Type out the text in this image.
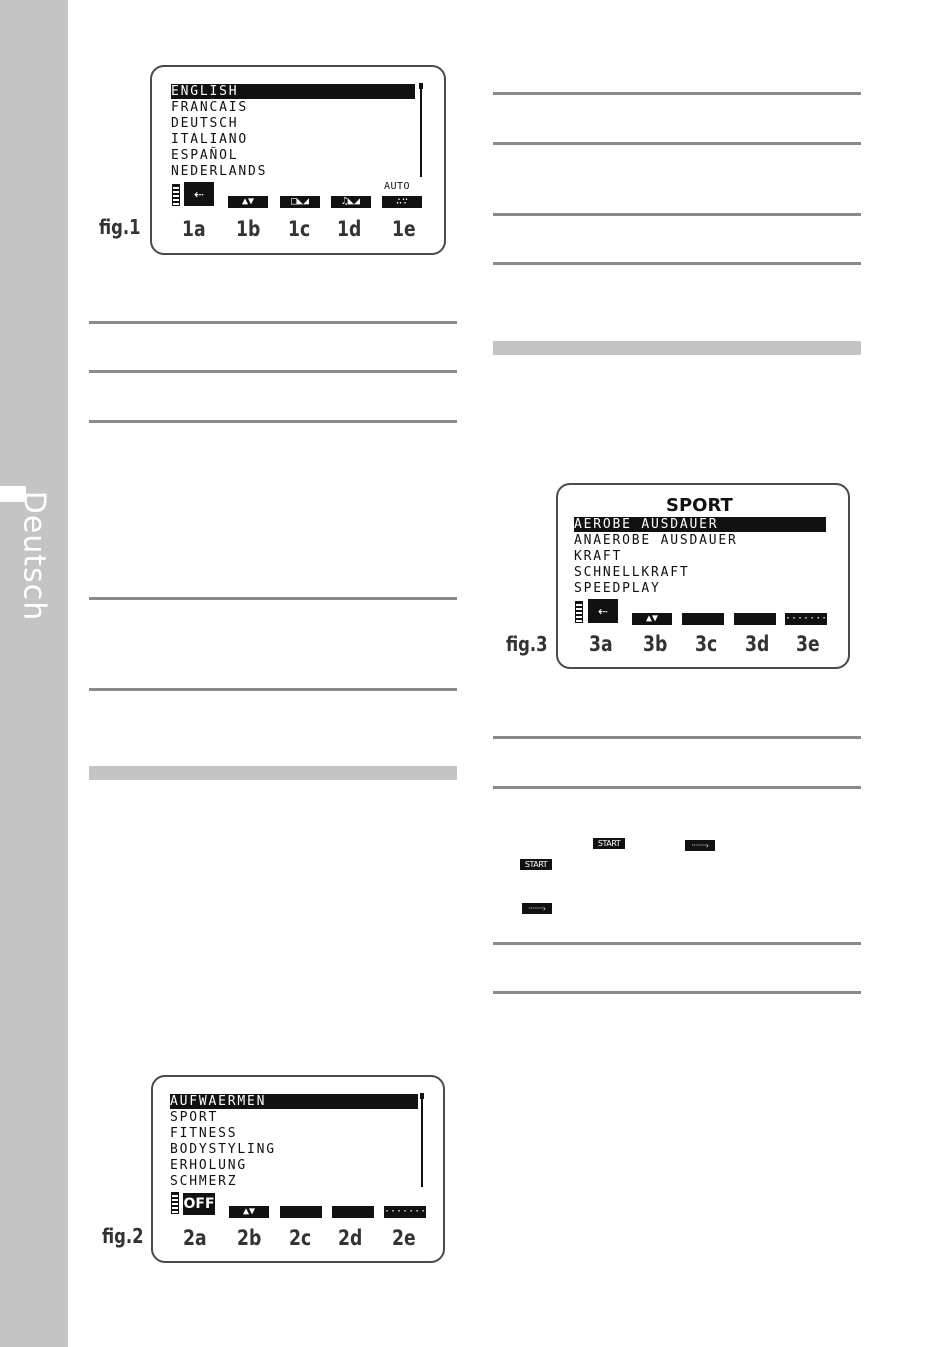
Deutsch
START	·······›
START
·······›
fig.1
ENGLISH
FRANCAIS
DEUTSCH
ITALIANO
ESPAÑOL
NEDERLANDS
⇠	▲▼	□◣◢	♫◣◢
AUTO
∴∵
1a 1b 1c 1d 1e
fig.2
AUFWAERMEN
SPORT
FITNESS
BODYSTYLING
ERHOLUNG
SCHMERZ
OFF	▲▼	·······›
2a 2b 2c 2d 2e
fig.3
SPORT
AEROBE AUSDAUER
ANAEROBE AUSDAUER
KRAFT
SCHNELLKRAFT
SPEEDPLAY
⇠	▲▼	·······›
3a 3b 3c 3d 3e
